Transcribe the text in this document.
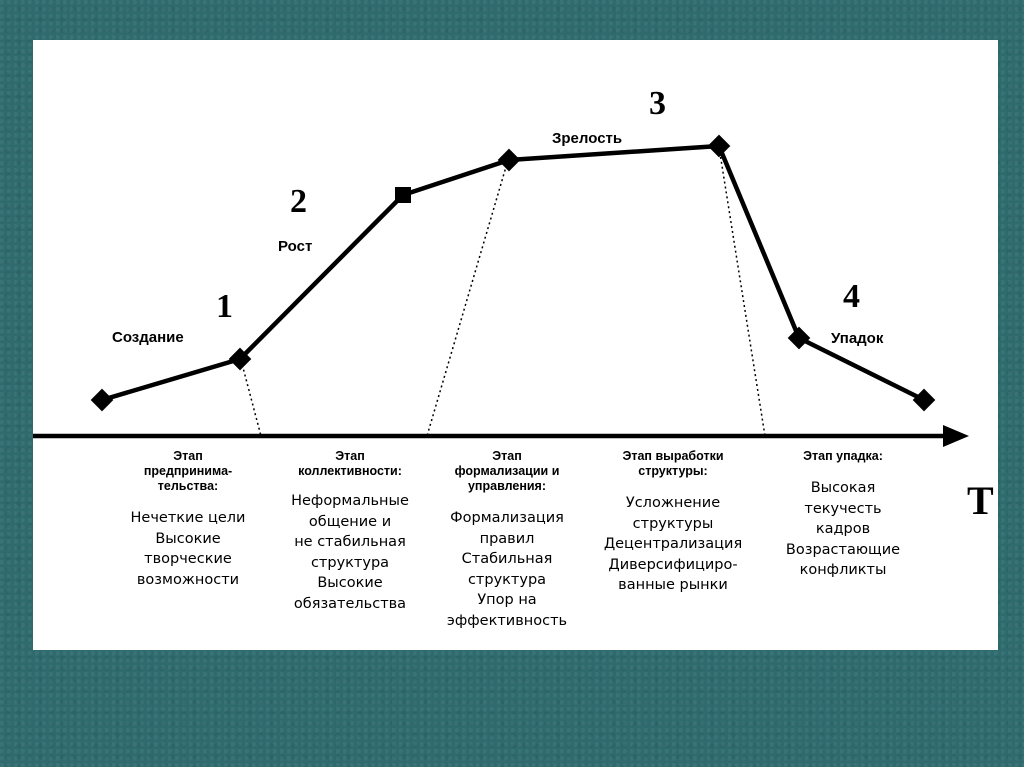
T
1
Создание
2
Рост
3
Зрелость
4
Упадок
Этап
предпринима-
тельства:
Нечеткие цели
Высокие
творческие
возможности
Этап
коллективности:
Неформальные
общение и
не стабильная
структура
Высокие
обязательства
Этап
формализации и
управления:
Формализация
правил
Стабильная
структура
Упор на
эффективность
Этап выработки
структуры:
Усложнение
структуры
Децентрализация
Диверсифициро-
ванные рынки
Этап упадка:
Высокая
текучесть
кадров
Возрастающие
конфликты
